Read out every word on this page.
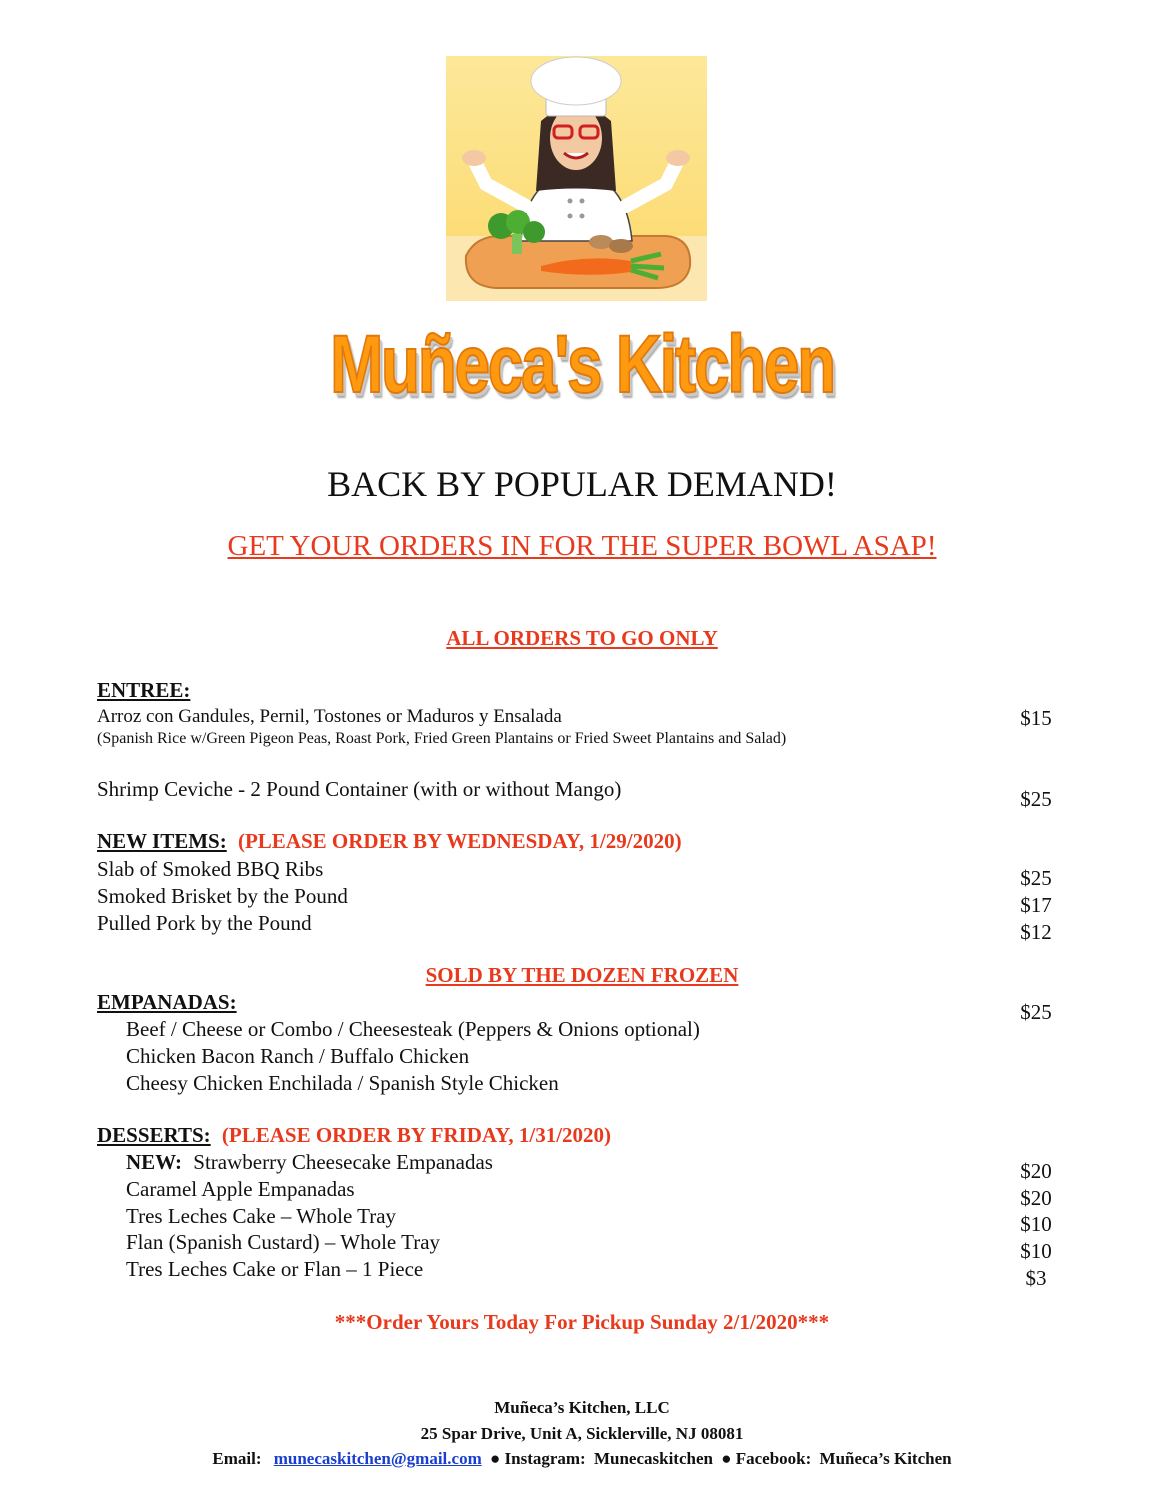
Muñeca's Kitchen
BACK BY POPULAR DEMAND!
GET YOUR ORDERS IN FOR THE SUPER BOWL ASAP!
ALL ORDERS TO GO ONLY
ENTREE:
Arroz con Gandules, Pernil, Tostones or Maduros y Ensalada
(Spanish Rice w/Green Pigeon Peas, Roast Pork, Fried Green Plantains or Fried Sweet Plantains and Salad)
$15
Shrimp Ceviche - 2 Pound Container (with or without Mango)	$25
NEW ITEMS: (PLEASE ORDER BY WEDNESDAY, 1/29/2020)
Slab of Smoked BBQ Ribs
Smoked Brisket by the Pound
Pulled Pork by the Pound
$25
$17
$12
SOLD BY THE DOZEN FROZEN
EMPANADAS:	$25
Beef / Cheese or Combo / Cheesesteak (Peppers & Onions optional)
Chicken Bacon Ranch / Buffalo Chicken
Cheesy Chicken Enchilada / Spanish Style Chicken
DESSERTS: (PLEASE ORDER BY FRIDAY, 1/31/2020)
NEW: Strawberry Cheesecake Empanadas
Caramel Apple Empanadas
Tres Leches Cake – Whole Tray
Flan (Spanish Custard) – Whole Tray
Tres Leches Cake or Flan – 1 Piece
$20
$20
$10
$10
$3
***Order Yours Today For Pickup Sunday 2/1/2020***
Muñeca’s Kitchen, LLC
25 Spar Drive, Unit A, Sicklerville, NJ 08081
Email: munecaskitchen@gmail.com ● Instagram: Munecaskitchen ● Facebook: Muñeca’s Kitchen
